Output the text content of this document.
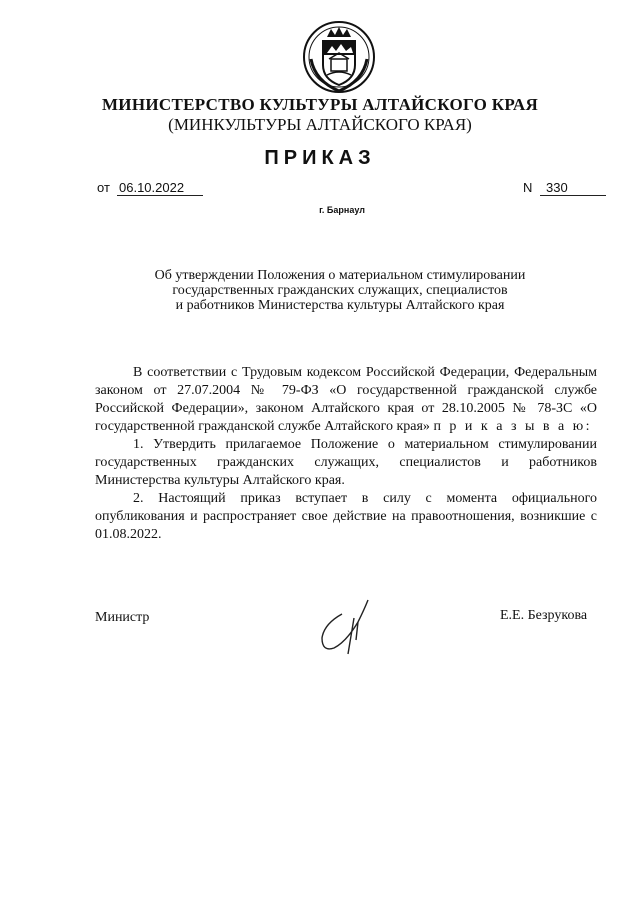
МИНИСТЕРСТВО КУЛЬТУРЫ АЛТАЙСКОГО КРАЯ
(МИНКУЛЬТУРЫ АЛТАЙСКОГО КРАЯ)
ПРИКАЗ
от 06.10.2022	N	330
г. Барнаул
Об утверждении Положения о материальном стимулировании
государственных гражданских служащих, специалистов
и работников Министерства культуры Алтайского края

В соответствии с Трудовым кодексом Российской Федерации, Федеральным законом от 27.07.2004 № 79-ФЗ «О государственной гражданской службе Российской Федерации», законом Алтайского края от 28.10.2005 № 78-ЗС «О государственной гражданской службе Алтайского края» п р и к а з ы в а ю:

1. Утвердить прилагаемое Положение о материальном стимулировании государственных гражданских служащих, специалистов и работников Министерства культуры Алтайского края.

2. Настоящий приказ вступает в силу с момента официального опубликования и распространяет свое действие на правоотношения, возникшие с 01.08.2022.

Министр	Е.Е. Безрукова
